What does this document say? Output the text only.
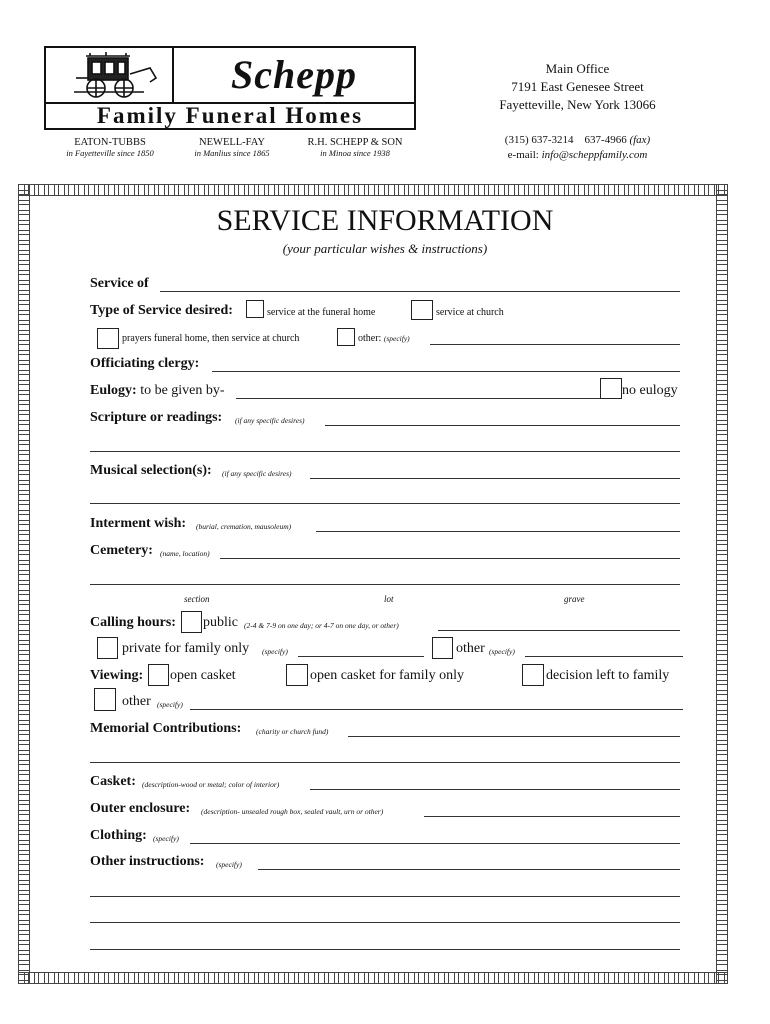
Schepp
Family Funeral Homes
EATON-TUBBS
in Fayetteville since 1850
NEWELL-FAY
in Manlius since 1865
R.H. SCHEPP & SON
in Minoa since 1938
Main Office
7191 East Genesee Street
Fayetteville, New York 13066
(315) 637-3214 637-4966 (fax)
e-mail: info@scheppfamily.com
SERVICE INFORMATION
(your particular wishes & instructions)
Service of
Type of Service desired:	service at the funeral home	service at church
prayers funeral home, then service at church	other: (specify)
Officiating clergy:
Eulogy: to be given by-	no eulogy
Scripture or readings: (if any specific desires)
Musical selection(s): (if any specific desires)
Interment wish: (burial, cremation, mausoleum)
Cemetery: (name, location)
section	lot	grave
Calling hours: public (2-4 & 7-9 on one day; or 4-7 on one day, or other)
private for family only (specify)	other (specify)
Viewing: open casket	open casket for family only	decision left to family
other (specify)
Memorial Contributions: (charity or church fund)
Casket: (description-wood or metal; color of interior)
Outer enclosure: (description- unsealed rough box, sealed vault, urn or other)
Clothing: (specify)
Other instructions: (specify)
